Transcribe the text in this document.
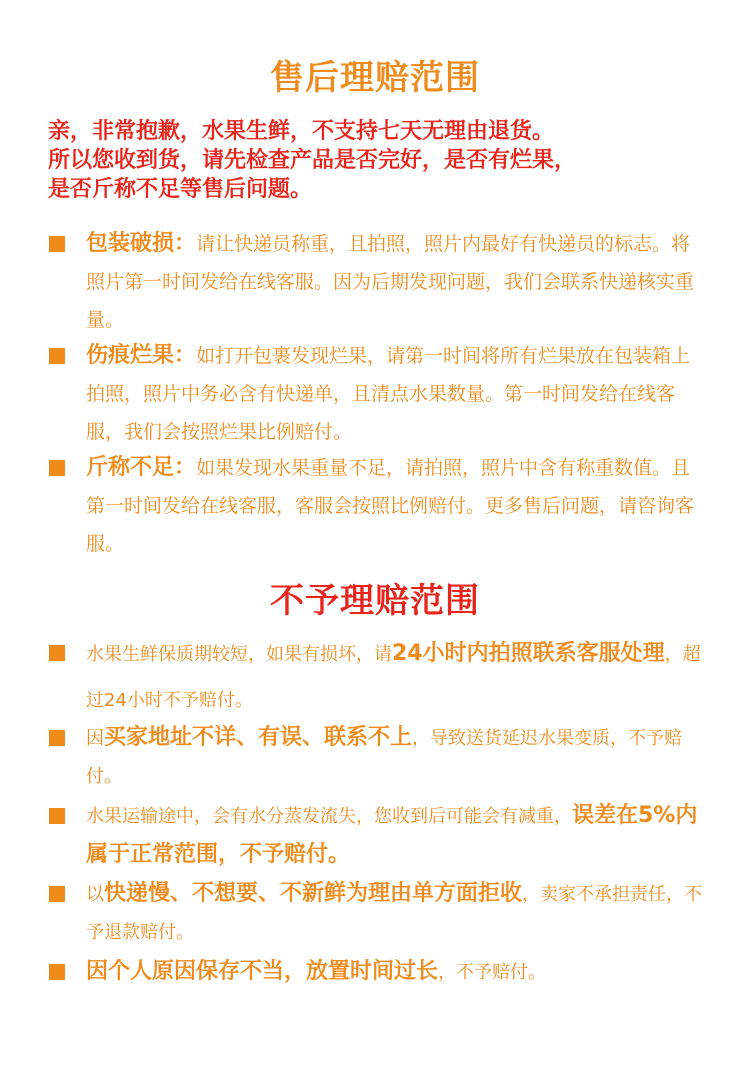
售后理赔范围
亲，非常抱歉，水果生鲜，不支持七天无理由退货。
所以您收到货，请先检查产品是否完好，是否有烂果，
是否斤称不足等售后问题。
包装破损：请让快递员称重，且拍照，照片内最好有快递员的标志。将照片第一时间发给在线客服。因为后期发现问题，我们会联系快递核实重量。
伤痕烂果：如打开包裹发现烂果，请第一时间将所有烂果放在包装箱上拍照，照片中务必含有快递单，且清点水果数量。第一时间发给在线客服，我们会按照烂果比例赔付。
斤称不足：如果发现水果重量不足，请拍照，照片中含有称重数值。且第一时间发给在线客服，客服会按照比例赔付。更多售后问题，请咨询客服。
不予理赔范围
水果生鲜保质期较短，如果有损坏，请24小时内拍照联系客服处理，超过24小时不予赔付。
因买家地址不详、有误、联系不上，导致送货延迟水果变质，不予赔付。
水果运输途中，会有水分蒸发流失，您收到后可能会有减重，误差在5%内属于正常范围，不予赔付。
以快递慢、不想要、不新鲜为理由单方面拒收，卖家不承担责任，不予退款赔付。
因个人原因保存不当，放置时间过长，不予赔付。
